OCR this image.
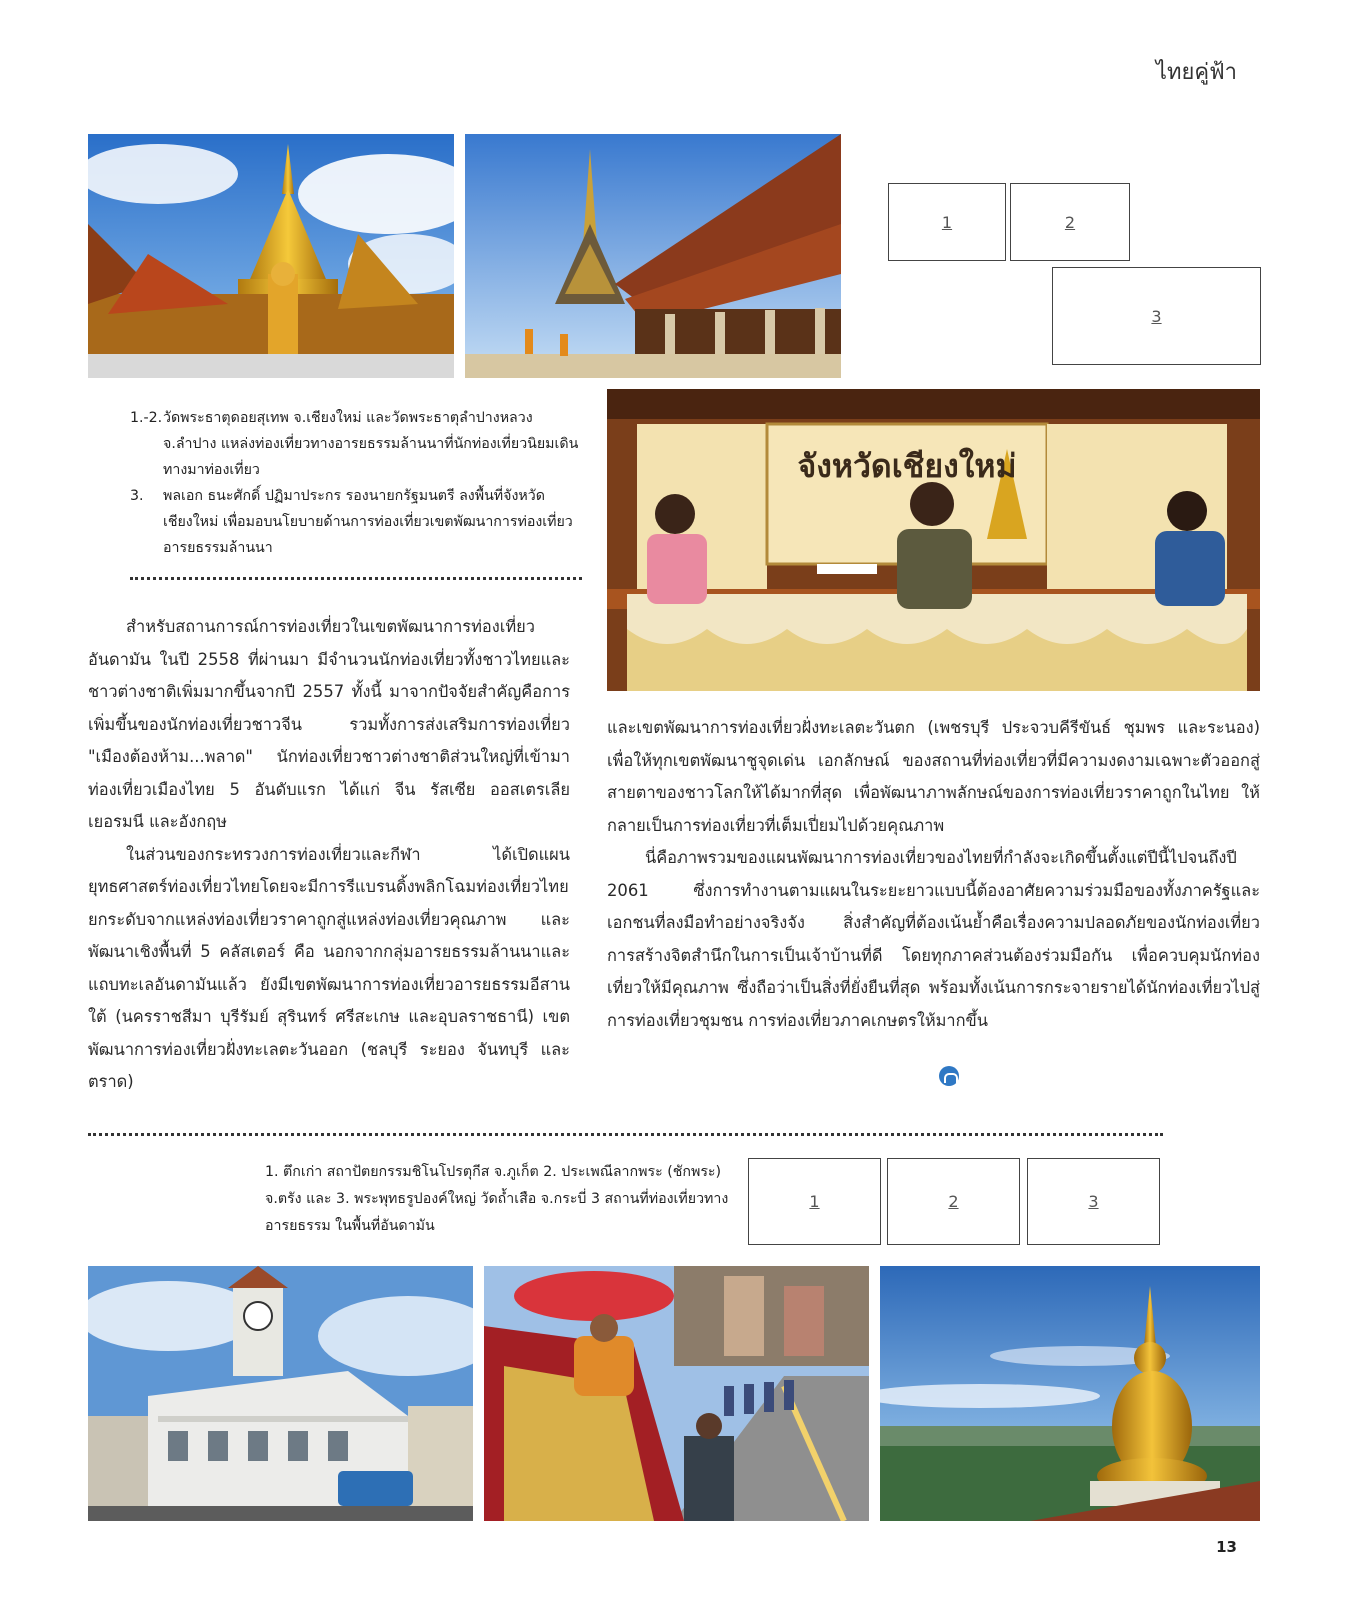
ไทยคู่ฟ้า
1	2
3
1.-2. วัดพระธาตุดอยสุเทพ จ.เชียงใหม่ และวัดพระธาตุลำปางหลวง จ.ลำปาง แหล่งท่องเที่ยวทางอารยธรรมล้านนาที่นักท่องเที่ยวนิยมเดินทางมาท่องเที่ยว
3.	พลเอก ธนะศักดิ์ ปฏิมาประกร รองนายกรัฐมนตรี ลงพื้นที่จังหวัดเชียงใหม่ เพื่อมอบนโยบายด้านการท่องเที่ยวเขตพัฒนาการท่องเที่ยวอารยธรรมล้านนา
จังหวัดเชียงใหม่

สำหรับสถานการณ์การท่องเที่ยวในเขตพัฒนาการท่องเที่ยวอันดามัน ในปี 2558 ที่ผ่านมา มีจำนวนนักท่องเที่ยวทั้งชาวไทยและชาวต่างชาติเพิ่มมากขึ้นจากปี 2557 ทั้งนี้ มาจากปัจจัยสำคัญคือการเพิ่มขึ้นของนักท่องเที่ยวชาวจีน รวมทั้งการส่งเสริมการท่องเที่ยว "เมืองต้องห้าม...พลาด" นักท่องเที่ยวชาวต่างชาติส่วนใหญ่ที่เข้ามาท่องเที่ยวเมืองไทย 5 อันดับแรก ได้แก่ จีน รัสเซีย ออสเตรเลีย เยอรมนี และอังกฤษ

ในส่วนของกระทรวงการท่องเที่ยวและกีฬา ได้เปิดแผนยุทธศาสตร์ท่องเที่ยวไทยโดยจะมีการรีแบรนดิ้งพลิกโฉมท่องเที่ยวไทย ยกระดับจากแหล่งท่องเที่ยวราคาถูกสู่แหล่งท่องเที่ยวคุณภาพ และพัฒนาเชิงพื้นที่ 5 คลัสเตอร์ คือ นอกจากกลุ่มอารยธรรมล้านนาและแถบทะเลอันดามันแล้ว ยังมีเขตพัฒนาการท่องเที่ยวอารยธรรมอีสานใต้ (นครราชสีมา บุรีรัมย์ สุรินทร์ ศรีสะเกษ และอุบลราชธานี) เขตพัฒนาการท่องเที่ยวฝั่งทะเลตะวันออก (ชลบุรี ระยอง จันทบุรี และตราด)

และเขตพัฒนาการท่องเที่ยวฝั่งทะเลตะวันตก (เพชรบุรี ประจวบคีรีขันธ์ ชุมพร และระนอง) เพื่อให้ทุกเขตพัฒนาชูจุดเด่น เอกลักษณ์ ของสถานที่ท่องเที่ยวที่มีความงดงามเฉพาะตัวออกสู่สายตาของชาวโลกให้ได้มากที่สุด เพื่อพัฒนาภาพลักษณ์ของการท่องเที่ยวราคาถูกในไทย ให้กลายเป็นการท่องเที่ยวที่เต็มเปี่ยมไปด้วยคุณภาพ

นี่คือภาพรวมของแผนพัฒนาการท่องเที่ยวของไทยที่กำลังจะเกิดขึ้นตั้งแต่ปีนี้ไปจนถึงปี 2061 ซึ่งการทำงานตามแผนในระยะยาวแบบนี้ต้องอาศัยความร่วมมือของทั้งภาครัฐและเอกชนที่ลงมือทำอย่างจริงจัง สิ่งสำคัญที่ต้องเน้นย้ำคือเรื่องความปลอดภัยของนักท่องเที่ยว การสร้างจิตสำนึกในการเป็นเจ้าบ้านที่ดี โดยทุกภาคส่วนต้องร่วมมือกัน เพื่อควบคุมนักท่องเที่ยวให้มีคุณภาพ ซึ่งถือว่าเป็นสิ่งที่ยั่งยืนที่สุด พร้อมทั้งเน้นการกระจายรายได้นักท่องเที่ยวไปสู่การท่องเที่ยวชุมชน การท่องเที่ยวภาคเกษตรให้มากขึ้น

1. ตึกเก่า สถาปัตยกรรมชิโนโปรตุกีส จ.ภูเก็ต 2. ประเพณีลากพระ (ชักพระ) จ.ตรัง และ 3. พระพุทธรูปองค์ใหญ่ วัดถ้ำเสือ จ.กระบี่ 3 สถานที่ท่องเที่ยวทางอารยธรรม ในพื้นที่อันดามัน
1	2	3
13
